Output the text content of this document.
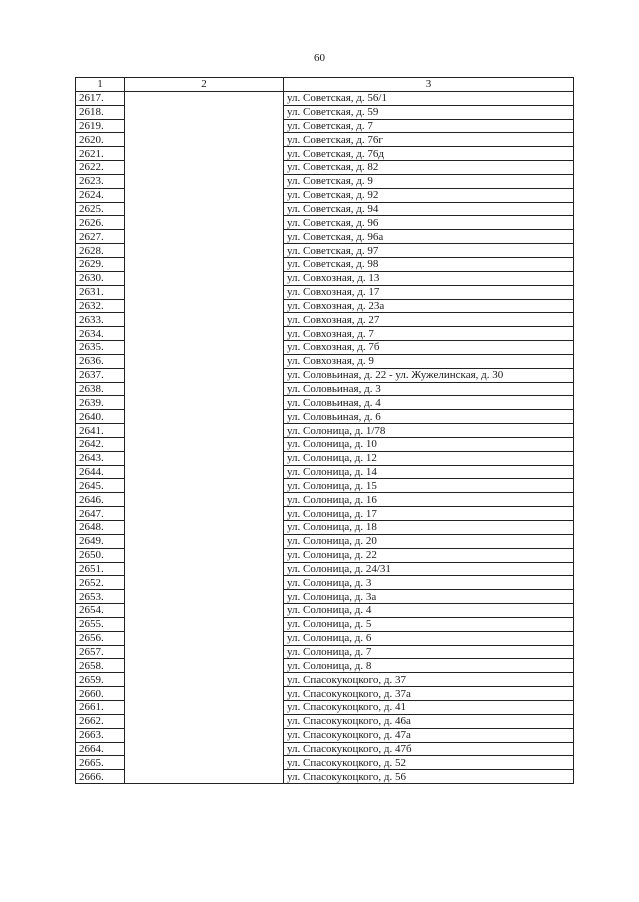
60
1	2	3
2617.		ул. Советская, д. 56/1
2618.		ул. Советская, д. 59
2619.		ул. Советская, д. 7
2620.		ул. Советская, д. 76г
2621.		ул. Советская, д. 76д
2622.		ул. Советская, д. 82
2623.		ул. Советская, д. 9
2624.		ул. Советская, д. 92
2625.		ул. Советская, д. 94
2626.		ул. Советская, д. 96
2627.		ул. Советская, д. 96а
2628.		ул. Советская, д. 97
2629.		ул. Советская, д. 98
2630.		ул. Совхозная, д. 13
2631.		ул. Совхозная, д. 17
2632.		ул. Совхозная, д. 23а
2633.		ул. Совхозная, д. 27
2634.		ул. Совхозная, д. 7
2635.		ул. Совхозная, д. 7б
2636.		ул. Совхозная, д. 9
2637.		ул. Соловьиная, д. 22 - ул. Жужелинская, д. 30
2638.		ул. Соловьиная, д. 3
2639.		ул. Соловьиная, д. 4
2640.		ул. Соловьиная, д. 6
2641.		ул. Солоница, д. 1/78
2642.		ул. Солоница, д. 10
2643.		ул. Солоница, д. 12
2644.		ул. Солоница, д. 14
2645.		ул. Солоница, д. 15
2646.		ул. Солоница, д. 16
2647.		ул. Солоница, д. 17
2648.		ул. Солоница, д. 18
2649.		ул. Солоница, д. 20
2650.		ул. Солоница, д. 22
2651.		ул. Солоница, д. 24/31
2652.		ул. Солоница, д. 3
2653.		ул. Солоница, д. 3а
2654.		ул. Солоница, д. 4
2655.		ул. Солоница, д. 5
2656.		ул. Солоница, д. 6
2657.		ул. Солоница, д. 7
2658.		ул. Солоница, д. 8
2659.		ул. Спасокукоцкого, д. 37
2660.		ул. Спасокукоцкого, д. 37а
2661.		ул. Спасокукоцкого, д. 41
2662.		ул. Спасокукоцкого, д. 46а
2663.		ул. Спасокукоцкого, д. 47а
2664.		ул. Спасокукоцкого, д. 47б
2665.		ул. Спасокукоцкого, д. 52
2666.		ул. Спасокукоцкого, д. 56
